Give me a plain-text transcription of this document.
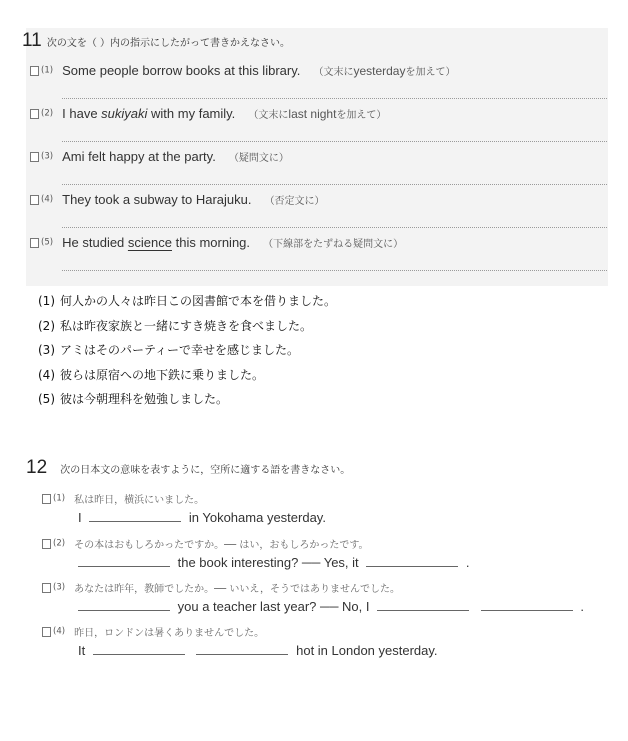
11 次の文を（ ）内の指示にしたがって書きかえなさい。
(1) Some people borrow books at this library. （文末にyesterdayを加えて）
(2) I have sukiyaki with my family. （文末にlast nightを加えて）
(3) Ami felt happy at the party. （疑問文に）
(4) They took a subway to Harajuku. （否定文に）
(5) He studied science this morning. （下線部をたずねる疑問文に）
(1) 何人かの人々は昨日この図書館で本を借りました。
(2) 私は昨夜家族と一緒にすき焼きを食べました。
(3) アミはそのパーティーで幸せを感じました。
(4) 彼らは原宿への地下鉄に乗りました。
(5) 彼は今朝理科を勉強しました。
12 次の日本文の意味を表すように，空所に適する語を書きなさい。
(1) 私は昨日，横浜にいました。
I	in Yokohama yesterday.
(2) その本はおもしろかったですか。── はい，おもしろかったです。
the book interesting? ── Yes, it	.
(3) あなたは昨年，教師でしたか。── いいえ，そうではありませんでした。
you a teacher last year? ── No, I	.
(4) 昨日，ロンドンは暑くありませんでした。
It	hot in London yesterday.
